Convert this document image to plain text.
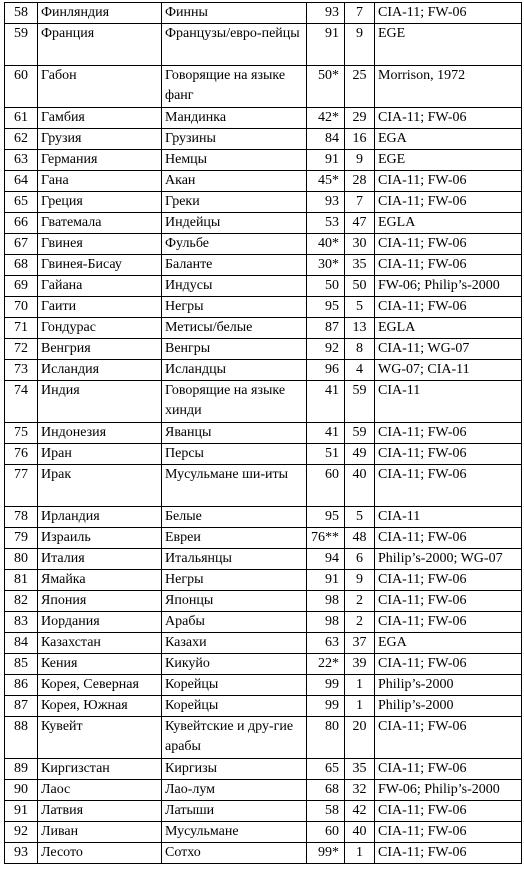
58	Финляндия	Финны	93	7	CIA-11; FW-06
59	Франция	Французы/евро-пейцы	91	9	EGE
60	Габон	Говорящие на языке фанг	50*	25	Morrison, 1972
61	Гамбия	Мандинка	42*	29	CIA-11; FW-06
62	Грузия	Грузины	84	16	EGA
63	Германия	Немцы	91	9	EGE
64	Гана	Акан	45*	28	CIA-11; FW-06
65	Греция	Греки	93	7	CIA-11; FW-06
66	Гватемала	Индейцы	53	47	EGLA
67	Гвинея	Фульбе	40*	30	CIA-11; FW-06
68	Гвинея-Бисау	Баланте	30*	35	CIA-11; FW-06
69	Гайана	Индусы	50	50	FW-06; Philip’s-2000
70	Гаити	Негры	95	5	CIA-11; FW-06
71	Гондурас	Метисы/белые	87	13	EGLA
72	Венгрия	Венгры	92	8	CIA-11; WG-07
73	Исландия	Исландцы	96	4	WG-07; CIA-11
74	Индия	Говорящие на языке хинди	41	59	CIA-11
75	Индонезия	Яванцы	41	59	CIA-11; FW-06
76	Иран	Персы	51	49	CIA-11; FW-06
77	Ирак	Мусульмане ши-иты	60	40	CIA-11; FW-06
78	Ирландия	Белые	95	5	CIA-11
79	Израиль	Евреи	76**	48	CIA-11; FW-06
80	Италия	Итальянцы	94	6	Philip’s-2000; WG-07
81	Ямайка	Негры	91	9	CIA-11; FW-06
82	Япония	Японцы	98	2	CIA-11; FW-06
83	Иордания	Арабы	98	2	CIA-11; FW-06
84	Казахстан	Казахи	63	37	EGA
85	Кения	Кикуйо	22*	39	CIA-11; FW-06
86	Корея, Северная	Корейцы	99	1	Philip’s-2000
87	Корея, Южная	Корейцы	99	1	Philip’s-2000
88	Кувейт	Кувейтские и дру-гие арабы	80	20	CIA-11; FW-06
89	Киргизстан	Киргизы	65	35	CIA-11; FW-06
90	Лаос	Лао-лум	68	32	FW-06; Philip’s-2000
91	Латвия	Латыши	58	42	CIA-11; FW-06
92	Ливан	Мусульмане	60	40	CIA-11; FW-06
93	Лесото	Сотхо	99*	1	CIA-11; FW-06
